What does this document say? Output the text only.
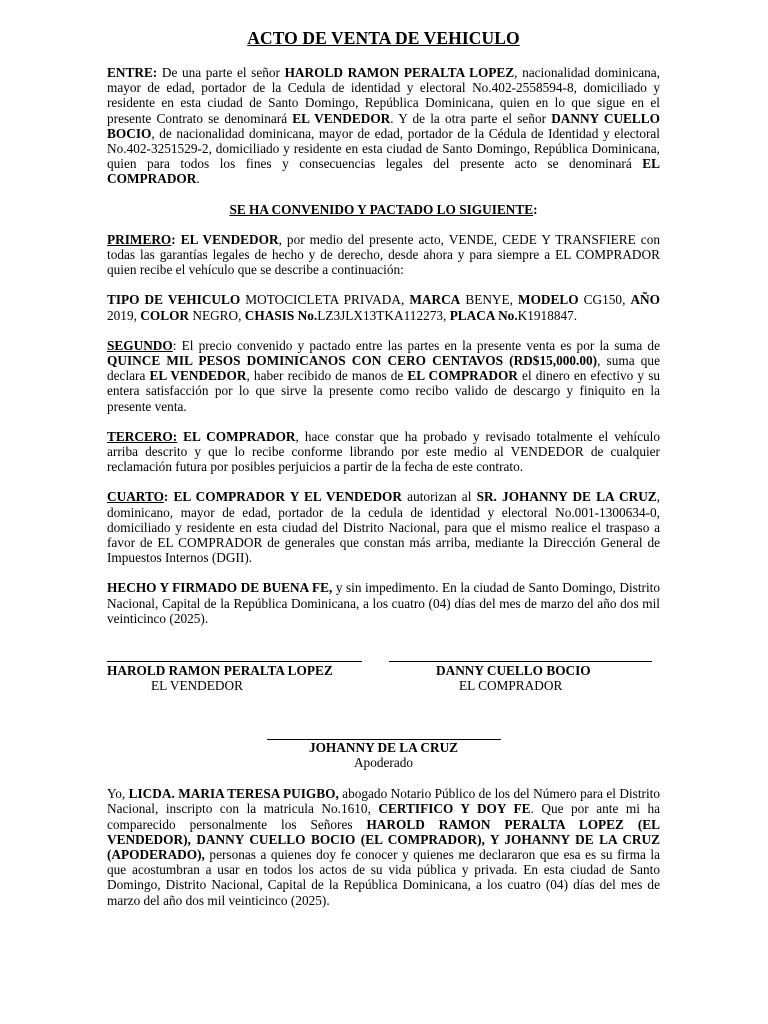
ACTO DE VENTA DE VEHICULO

ENTRE: De una parte el señor HAROLD RAMON PERALTA LOPEZ, nacionalidad dominicana, mayor de edad, portador de la Cedula de identidad y electoral No.402-2558594-8, domiciliado y residente en esta ciudad de Santo Domingo, República Dominicana, quien en lo que sigue en el presente Contrato se denominará EL VENDEDOR. Y de la otra parte el señor DANNY CUELLO BOCIO, de nacionalidad dominicana, mayor de edad, portador de la Cédula de Identidad y electoral No.402-3251529-2, domiciliado y residente en esta ciudad de Santo Domingo, República Dominicana, quien para todos los fines y consecuencias legales del presente acto se denominará EL COMPRADOR.

SE HA CONVENIDO Y PACTADO LO SIGUIENTE:

PRIMERO: EL VENDEDOR, por medio del presente acto, VENDE, CEDE Y TRANSFIERE con todas las garantías legales de hecho y de derecho, desde ahora y para siempre a EL COMPRADOR quien recibe el vehículo que se describe a continuación:

TIPO DE VEHICULO MOTOCICLETA PRIVADA, MARCA BENYE, MODELO CG150, AÑO 2019, COLOR NEGRO, CHASIS No.LZ3JLX13TKA112273, PLACA No.K1918847.

SEGUNDO: El precio convenido y pactado entre las partes en la presente venta es por la suma de QUINCE MIL PESOS DOMINICANOS CON CERO CENTAVOS (RD$15,000.00), suma que declara EL VENDEDOR, haber recibido de manos de EL COMPRADOR el dinero en efectivo y su entera satisfacción por lo que sirve la presente como recibo valido de descargo y finiquito en la presente venta.

TERCERO: EL COMPRADOR, hace constar que ha probado y revisado totalmente el vehículo arriba descrito y que lo recibe conforme librando por este medio al VENDEDOR de cualquier reclamación futura por posibles perjuicios a partir de la fecha de este contrato.

CUARTO: EL COMPRADOR Y EL VENDEDOR autorizan al SR. JOHANNY DE LA CRUZ, dominicano, mayor de edad, portador de la cedula de identidad y electoral No.001-1300634-0, domiciliado y residente en esta ciudad del Distrito Nacional, para que el mismo realice el traspaso a favor de EL COMPRADOR de generales que constan más arriba, mediante la Dirección General de Impuestos Internos (DGII).

HECHO Y FIRMADO DE BUENA FE, y sin impedimento. En la ciudad de Santo Domingo, Distrito Nacional, Capital de la República Dominicana, a los cuatro (04) días del mes de marzo del año dos mil veinticinco (2025).

HAROLD RAMON PERALTA LOPEZ
EL VENDEDOR
DANNY CUELLO BOCIO
EL COMPRADOR
JOHANNY DE LA CRUZ
Apoderado

Yo, LICDA. MARIA TERESA PUIGBO, abogado Notario Público de los del Número para el Distrito Nacional, inscripto con la matricula No.1610, CERTIFICO Y DOY FE. Que por ante mi ha comparecido personalmente los Señores HAROLD RAMON PERALTA LOPEZ (EL VENDEDOR), DANNY CUELLO BOCIO (EL COMPRADOR), Y JOHANNY DE LA CRUZ (APODERADO), personas a quienes doy fe conocer y quienes me declararon que esa es su firma la que acostumbran a usar en todos los actos de su vida pública y privada. En esta ciudad de Santo Domingo, Distrito Nacional, Capital de la República Dominicana, a los cuatro (04) días del mes de marzo del año dos mil veinticinco (2025).
